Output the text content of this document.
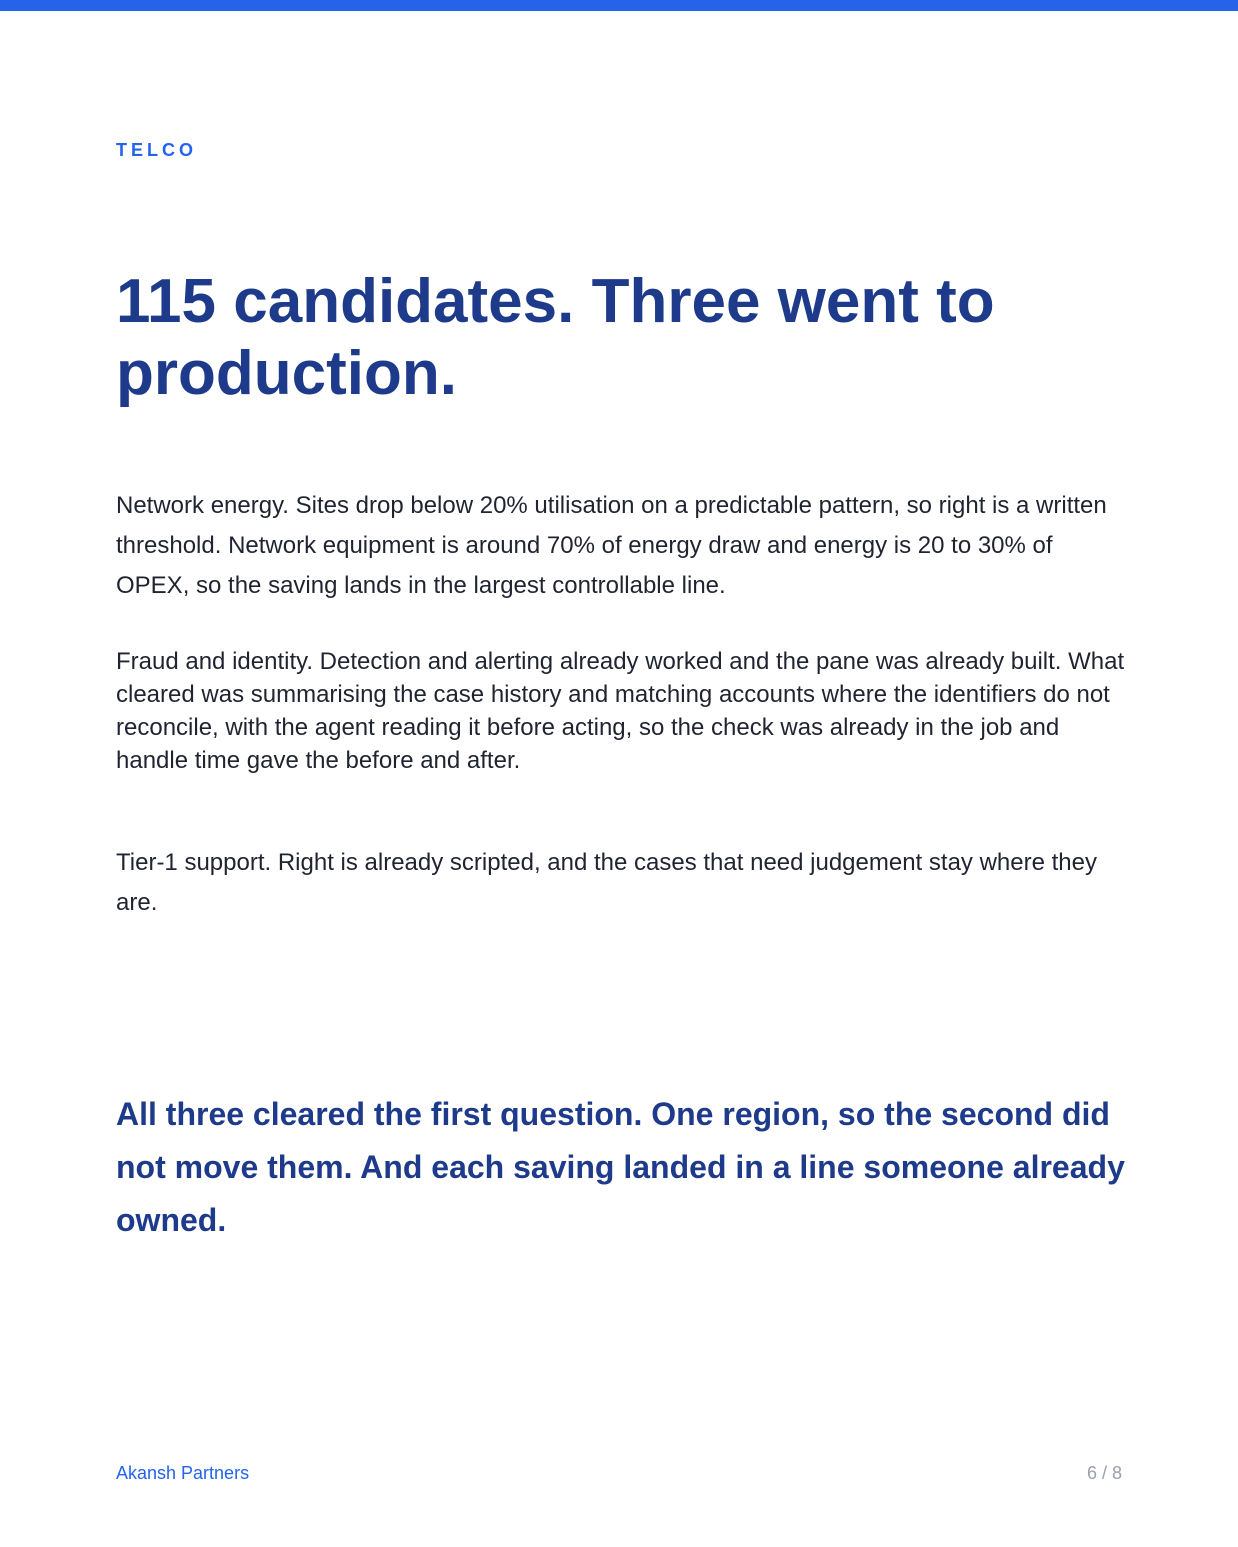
TELCO

115 candidates. Three went to production.

Network energy. Sites drop below 20% utilisation on a predictable pattern, so right is a written threshold. Network equipment is around 70% of energy draw and energy is 20 to 30% of OPEX, so the saving lands in the largest controllable line.

Fraud and identity. Detection and alerting already worked and the pane was already built. What cleared was summarising the case history and matching accounts where the identifiers do not reconcile, with the agent reading it before acting, so the check was already in the job and handle time gave the before and after.

Tier-1 support. Right is already scripted, and the cases that need judgement stay where they are.

All three cleared the first question. One region, so the second did not move them. And each saving landed in a line someone already owned.

Akansh Partners	6 / 8
